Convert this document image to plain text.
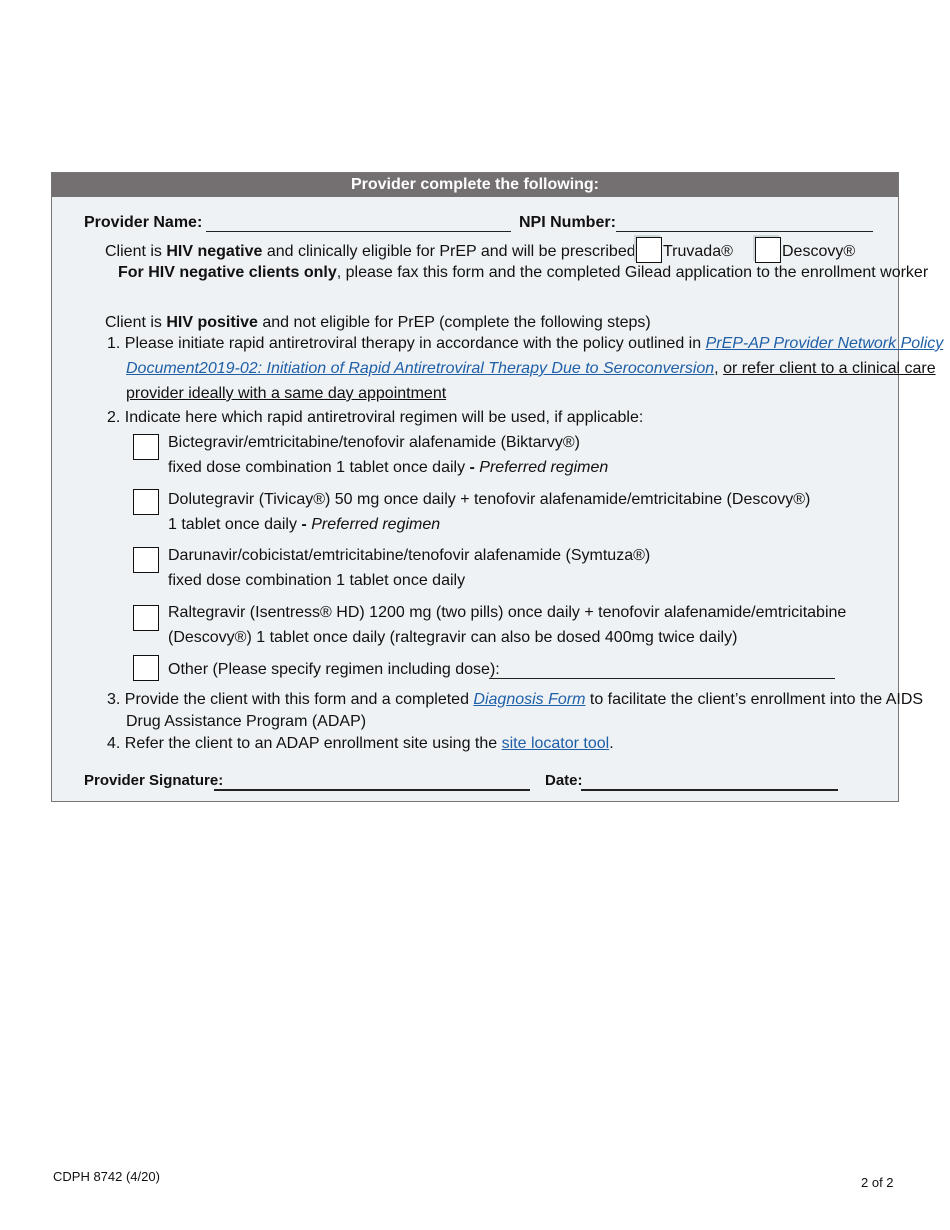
Provider complete the following:
Provider Name:	NPI Number:
Client is HIV negative and clinically eligible for PrEP and will be prescribed Truvada®	Descovy®
For HIV negative clients only, please fax this form and the completed Gilead application to the enrollment worker
Client is HIV positive and not eligible for PrEP (complete the following steps)
1. Please initiate rapid antiretroviral therapy in accordance with the policy outlined in PrEP-AP Provider Network Policy
Document2019-02: Initiation of Rapid Antiretroviral Therapy Due to Seroconversion, or refer client to a clinical care
provider ideally with a same day appointment
2. Indicate here which rapid antiretroviral regimen will be used, if applicable:
Bictegravir/emtricitabine/tenofovir alafenamide (Biktarvy®)
fixed dose combination 1 tablet once daily - Preferred regimen
Dolutegravir (Tivicay®) 50 mg once daily + tenofovir alafenamide/emtricitabine (Descovy®)
1 tablet once daily - Preferred regimen
Darunavir/cobicistat/emtricitabine/tenofovir alafenamide (Symtuza®)
fixed dose combination 1 tablet once daily
Raltegravir (Isentress® HD) 1200 mg (two pills) once daily + tenofovir alafenamide/emtricitabine
(Descovy®) 1 tablet once daily (raltegravir can also be dosed 400mg twice daily)
Other (Please specify regimen including dose):
3. Provide the client with this form and a completed Diagnosis Form to facilitate the client’s enrollment into the AIDS
Drug Assistance Program (ADAP)
4. Refer the client to an ADAP enrollment site using the site locator tool.
Provider Signature:	Date:
CDPH 8742 (4/20)	2 of 2
